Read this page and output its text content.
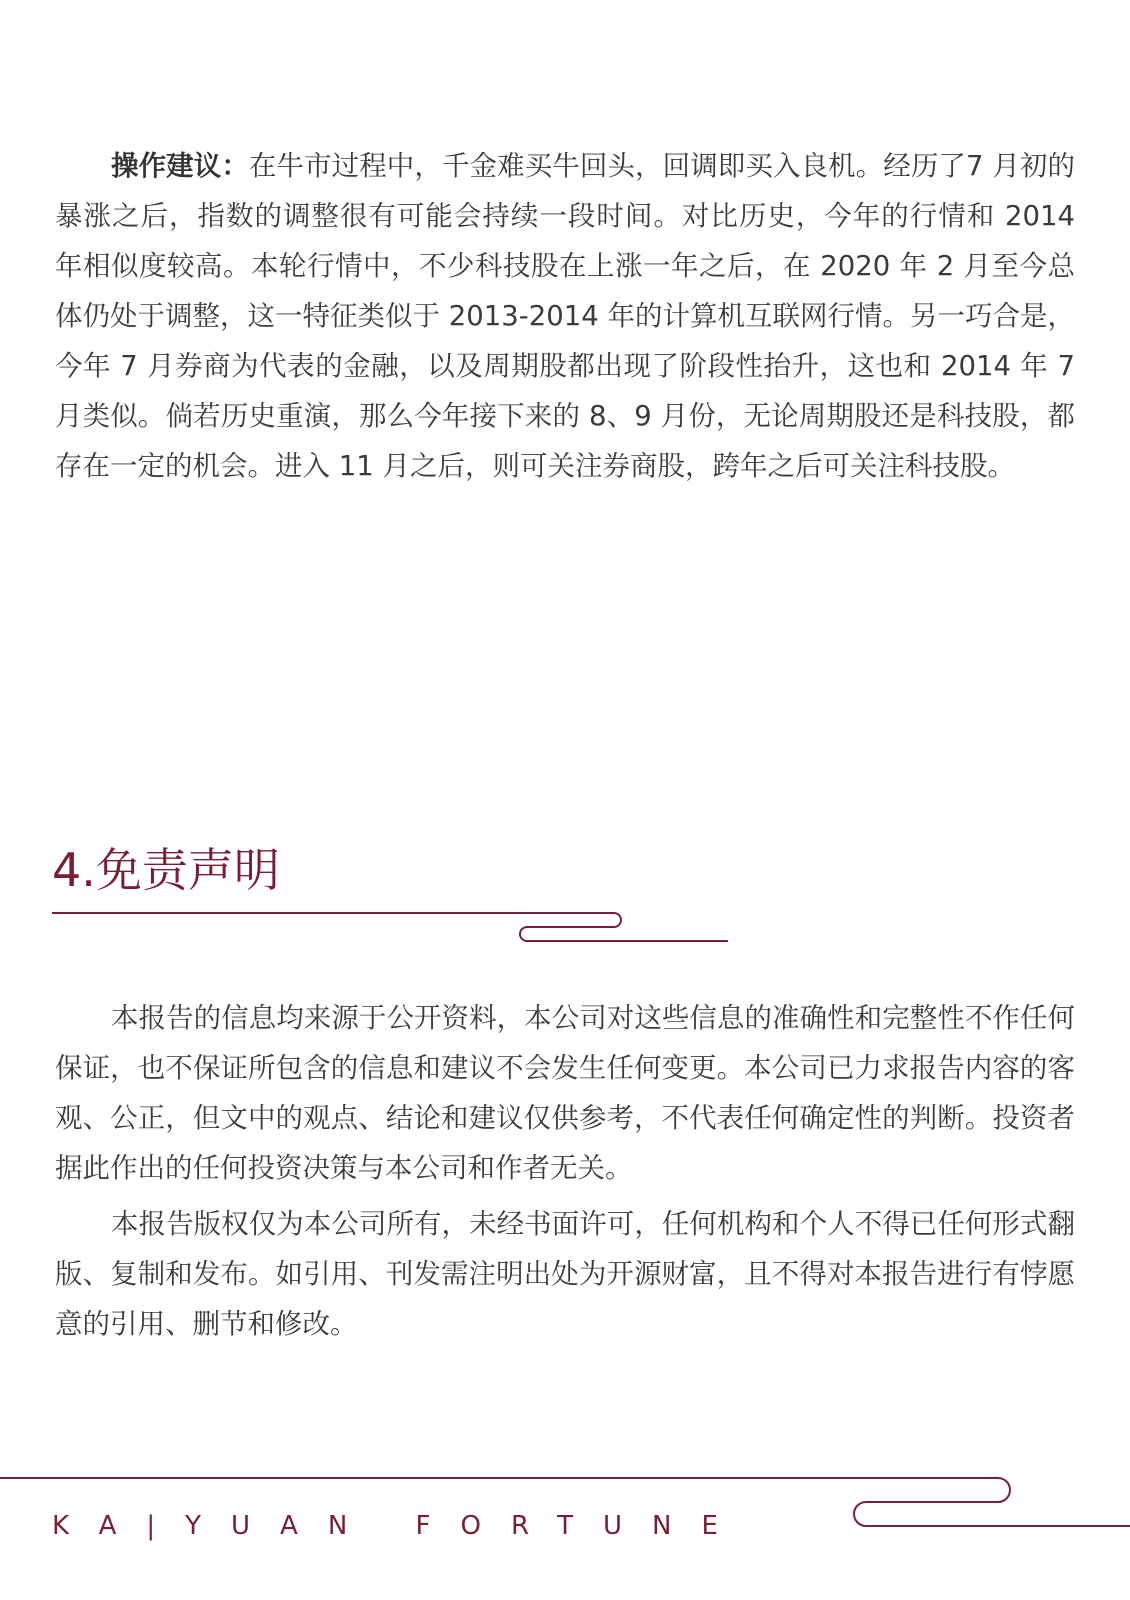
操作建议：在牛市过程中，千金难买牛回头，回调即买入良机。经历了7 月初的暴涨之后，指数的调整很有可能会持续一段时间。对比历史，今年的行情和 2014 年相似度较高。本轮行情中，不少科技股在上涨一年之后，在 2020 年 2 月至今总体仍处于调整，这一特征类似于 2013-2014 年的计算机互联网行情。另一巧合是，今年 7 月券商为代表的金融，以及周期股都出现了阶段性抬升，这也和 2014 年 7 月类似。倘若历史重演，那么今年接下来的 8、9 月份，无论周期股还是科技股，都存在一定的机会。进入 11 月之后，则可关注券商股，跨年之后可关注科技股。

4.免责声明

本报告的信息均来源于公开资料，本公司对这些信息的准确性和完整性不作任何保证，也不保证所包含的信息和建议不会发生任何变更。本公司已力求报告内容的客观、公正，但文中的观点、结论和建议仅供参考，不代表任何确定性的判断。投资者据此作出的任何投资决策与本公司和作者无关。

本报告版权仅为本公司所有，未经书面许可，任何机构和个人不得已任何形式翻版、复制和发布。如引用、刊发需注明出处为开源财富，且不得对本报告进行有悖愿意的引用、删节和修改。

KA|YUAN FORTUNE
